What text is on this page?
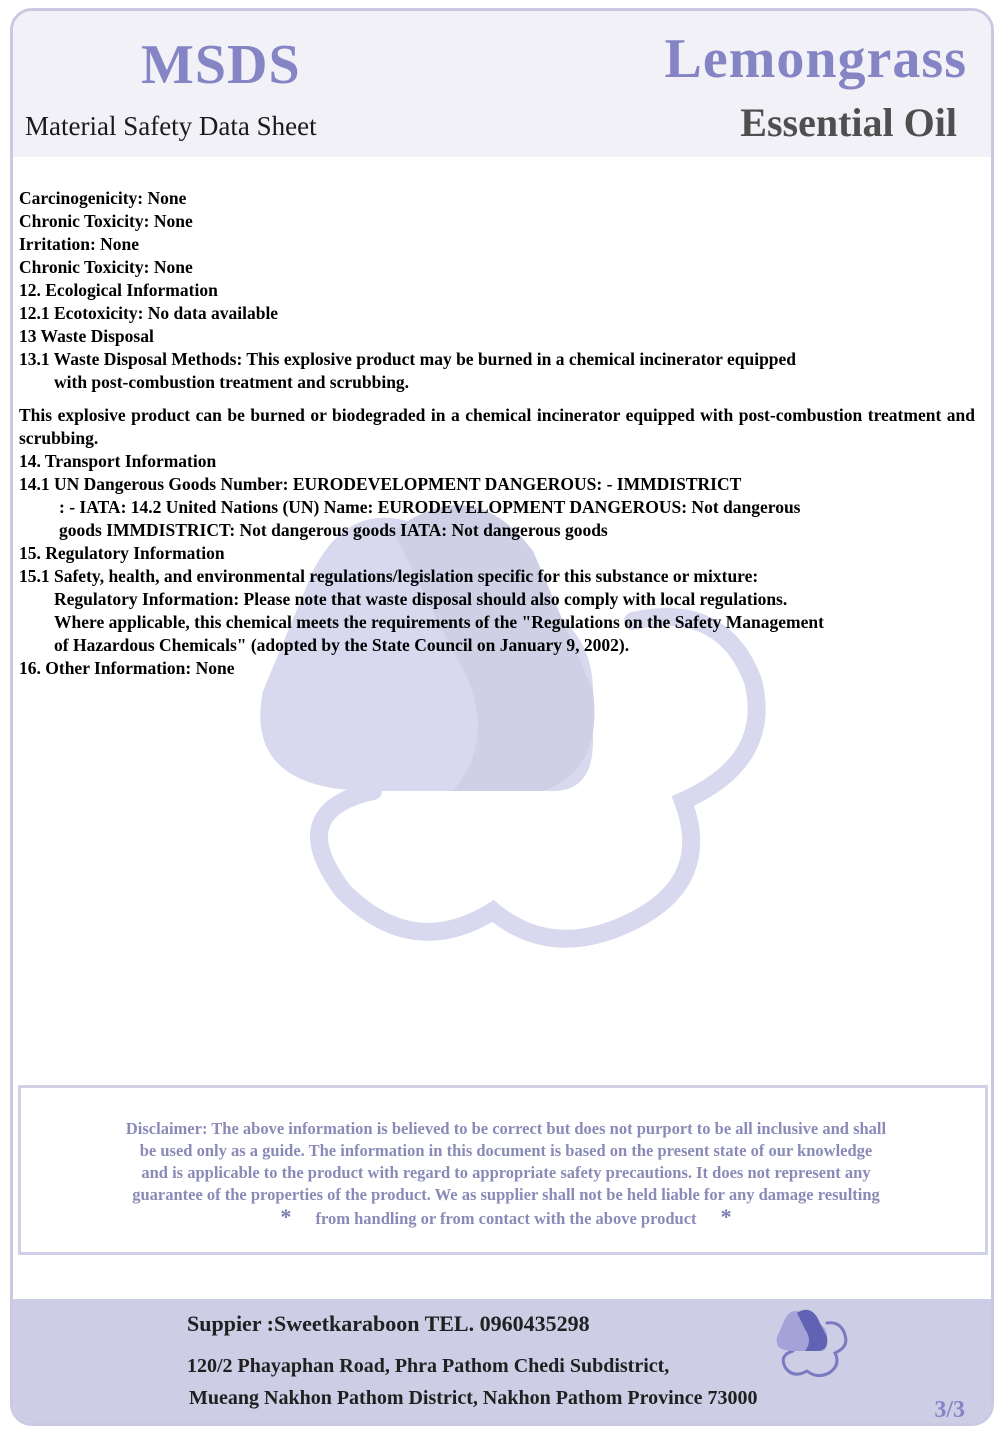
MSDS
Material Safety Data Sheet
Lemongrass
Essential Oil

Carcinogenicity: None

Chronic Toxicity: None

Irritation: None

Chronic Toxicity: None

12. Ecological Information

12.1 Ecotoxicity: No data available

13 Waste Disposal

13.1 Waste Disposal Methods: This explosive product may be burned in a chemical incinerator equipped

with post-combustion treatment and scrubbing.

This explosive product can be burned or biodegraded in a chemical incinerator equipped with post-combustion treatment and scrubbing.

14. Transport Information

14.1 UN Dangerous Goods Number: EURODEVELOPMENT DANGEROUS: - IMMDISTRICT

: - IATA: 14.2 United Nations (UN) Name: EURODEVELOPMENT DANGEROUS: Not dangerous

goods IMMDISTRICT: Not dangerous goods IATA: Not dangerous goods

15. Regulatory Information

15.1 Safety, health, and environmental regulations/legislation specific for this substance or mixture:

Regulatory Information: Please note that waste disposal should also comply with local regulations.

Where applicable, this chemical meets the requirements of the "Regulations on the Safety Management

of Hazardous Chemicals" (adopted by the State Council on January 9, 2002).

16. Other Information: None

Disclaimer: The above information is believed to be correct but does not purport to be all inclusive and shall
be used only as a guide. The information in this document is based on the present state of our knowledge
and is applicable to the product with regard to appropriate safety precautions. It does not represent any
guarantee of the properties of the product. We as supplier shall not be held liable for any damage resulting
* from handling or from contact with the above product *
Suppier :Sweetkaraboon TEL. 0960435298
120/2 Phayaphan Road, Phra Pathom Chedi Subdistrict,
Mueang Nakhon Pathom District, Nakhon Pathom Province 73000	3/3
